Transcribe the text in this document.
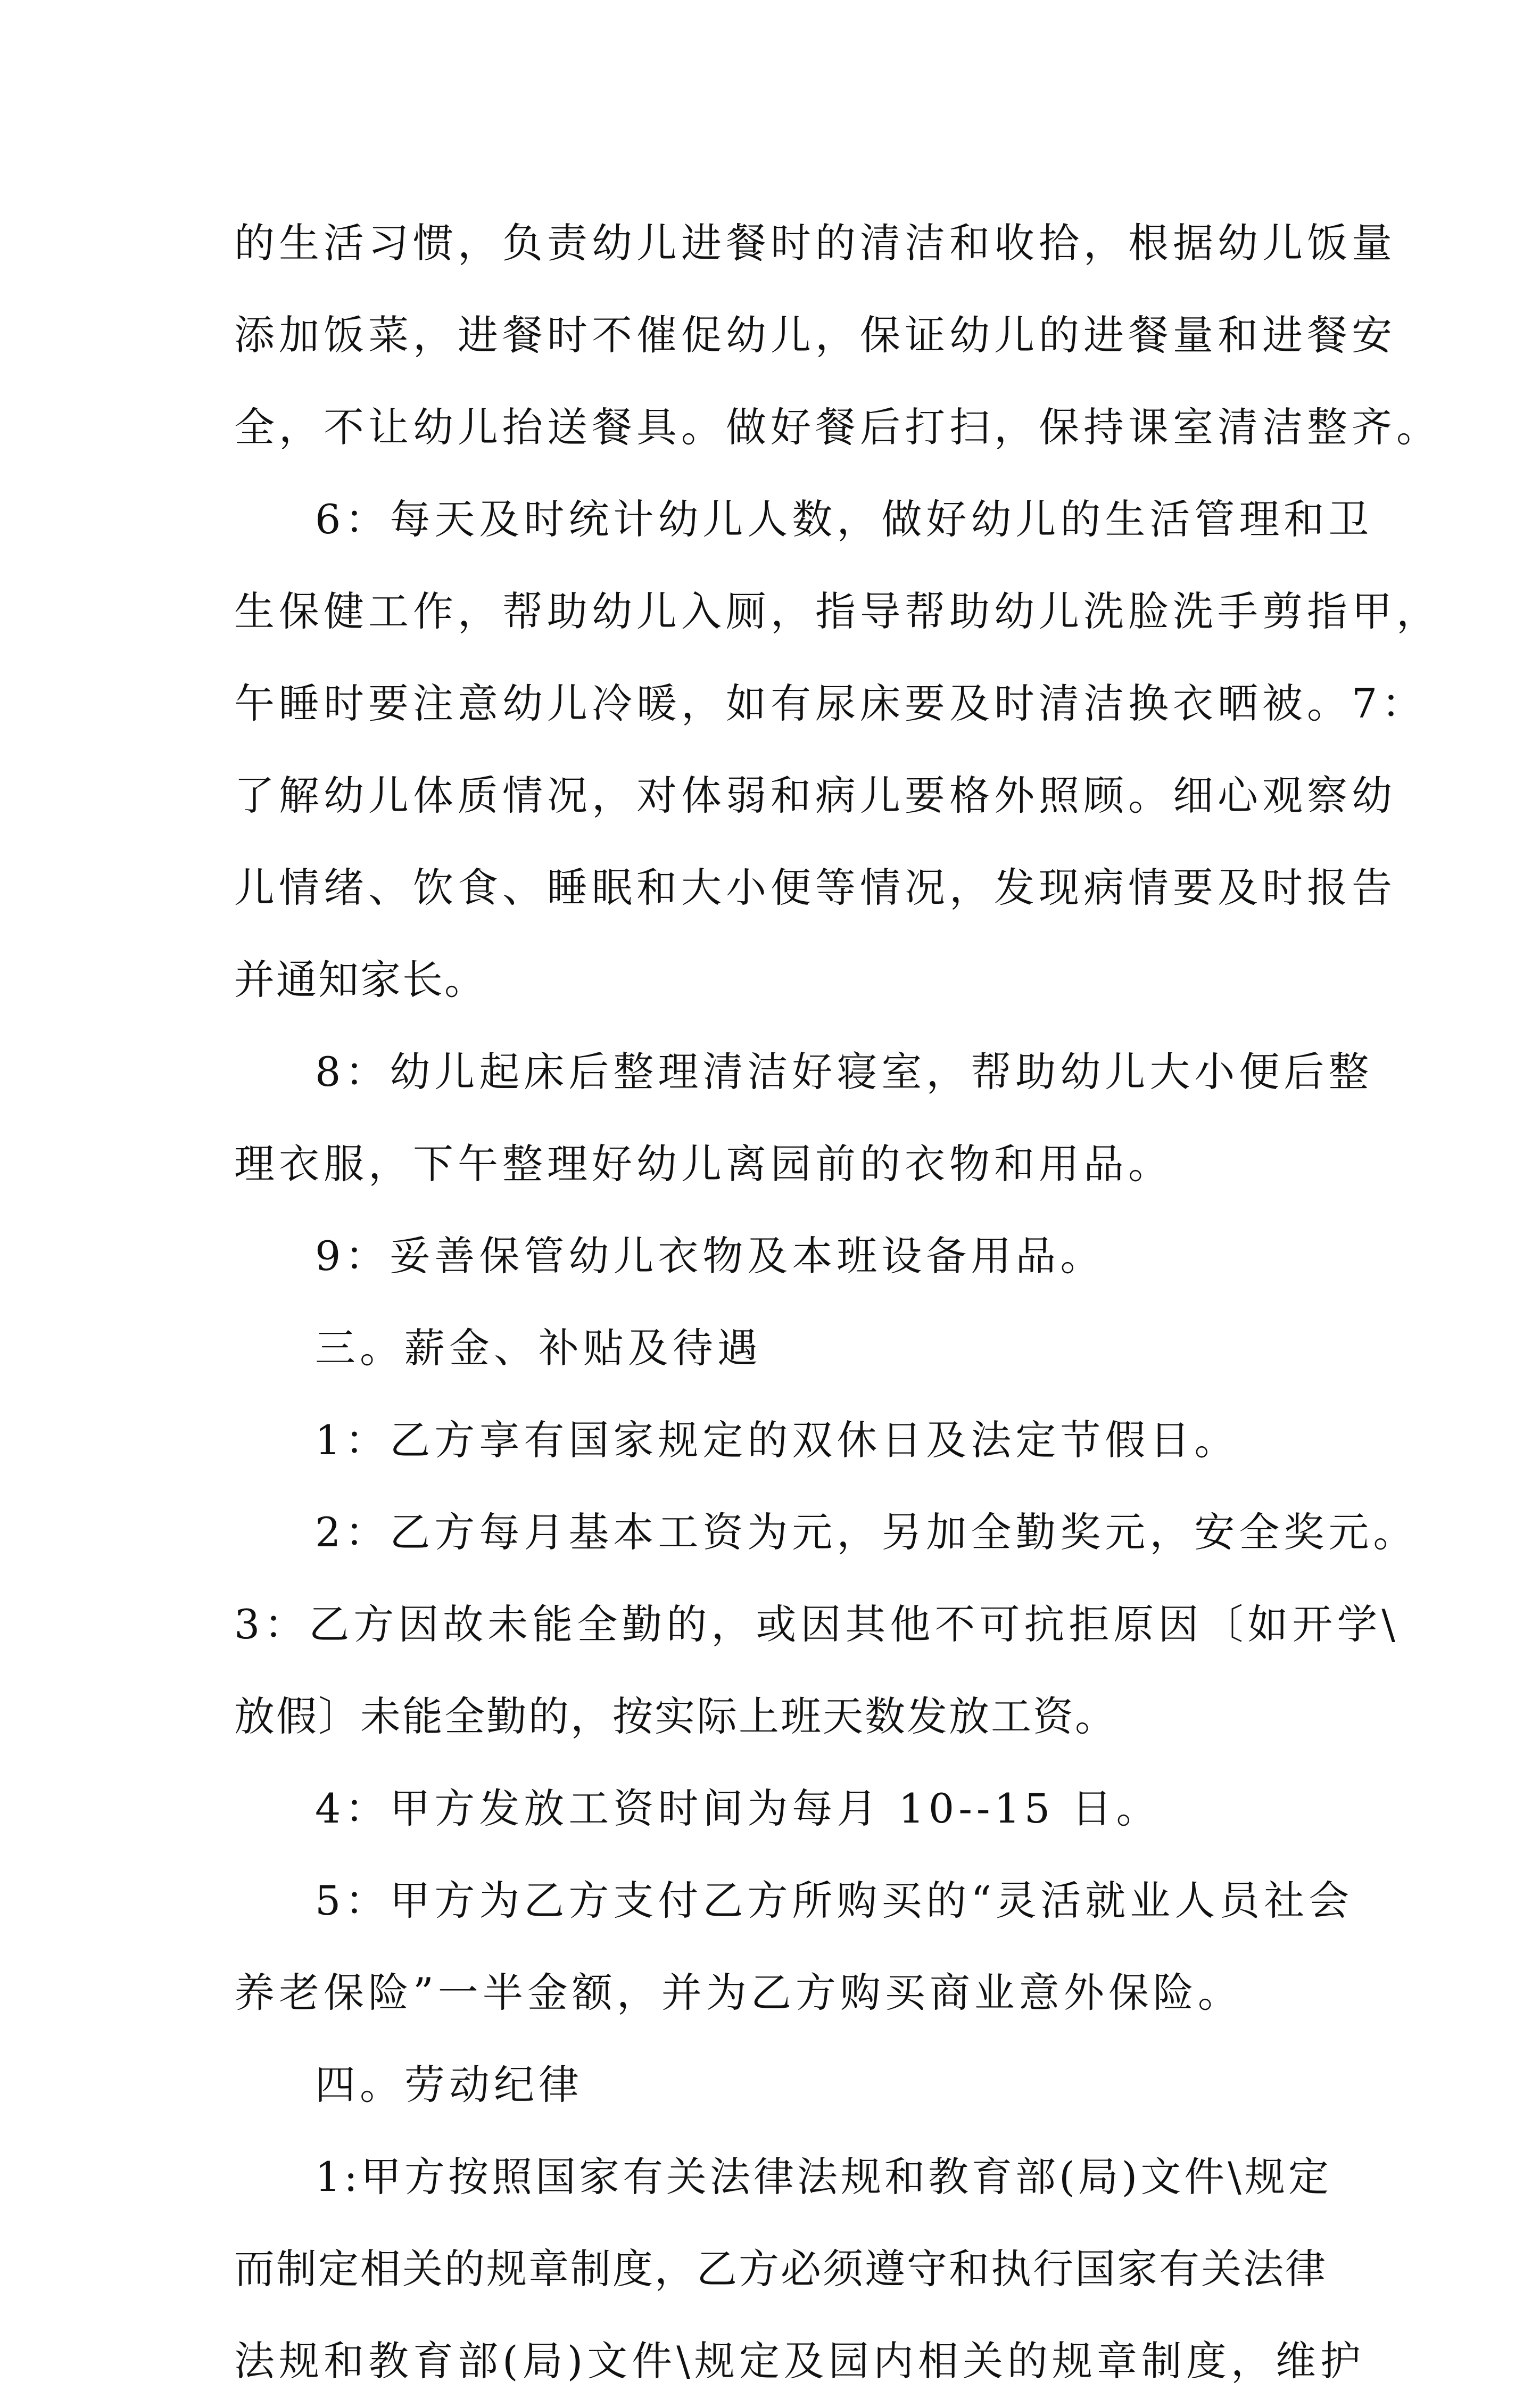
的生活习惯，负责幼儿进餐时的清洁和收拾，根据幼儿饭量
添加饭菜，进餐时不催促幼儿，保证幼儿的进餐量和进餐安
全，不让幼儿抬送餐具。做好餐后打扫，保持课室清洁整齐。
6：每天及时统计幼儿人数，做好幼儿的生活管理和卫
生保健工作，帮助幼儿入厕，指导帮助幼儿洗脸洗手剪指甲，
午睡时要注意幼儿冷暖，如有尿床要及时清洁换衣晒被。7：
了解幼儿体质情况，对体弱和病儿要格外照顾。细心观察幼
儿情绪、饮食、睡眠和大小便等情况，发现病情要及时报告
并通知家长。
8：幼儿起床后整理清洁好寝室，帮助幼儿大小便后整
理衣服，下午整理好幼儿离园前的衣物和用品。
9：妥善保管幼儿衣物及本班设备用品。
三。薪金、补贴及待遇
1：乙方享有国家规定的双休日及法定节假日。
2：乙方每月基本工资为元，另加全勤奖元，安全奖元。
3：乙方因故未能全勤的，或因其他不可抗拒原因〔如开学\
放假〕未能全勤的，按实际上班天数发放工资。
4：甲方发放工资时间为每月 10--15 日。
5：甲方为乙方支付乙方所购买的“灵活就业人员社会
养老保险”一半金额，并为乙方购买商业意外保险。
四。劳动纪律
1:甲方按照国家有关法律法规和教育部(局)文件\规定
而制定相关的规章制度，乙方必须遵守和执行国家有关法律
法规和教育部(局)文件\规定及园内相关的规章制度，维护
